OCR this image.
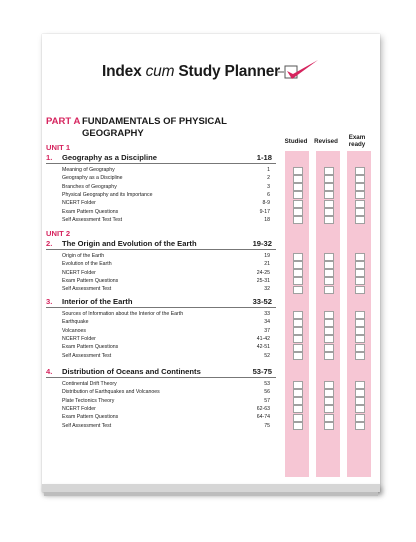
Index cum Study Planner
PART A FUNDAMENTALS OF PHYSICAL GEOGRAPHY
Studied Revised
Exam ready
UNIT 1
1. Geography as a Discipline	1-18
Meaning of Geography	1
Geography as a Discipline	2
Branches of Geography	3
Physical Geography and its Importance	6
NCERT Folder	8-9
Exam Pattern Questions	9-17
Self Assessment Test Test	18
UNIT 2
2. The Origin and Evolution of the Earth	19-32
Origin of the Earth	19
Evolution of the Earth	21
NCERT Folder	24-25
Exam Pattern Questions	25-31
Self Assessment Test	32
3. Interior of the Earth	33-52
Sources of Information about the Interior of the Earth	33
Earthquake	34
Volcanoes	37
NCERT Folder	41-42
Exam Pattern Questions	42-51
Self Assessment Test	52
4. Distribution of Oceans and Continents	53-75
Continental Drift Theory	53
Distribution of Earthquakes and Volcanoes	56
Plate Tectonics Theory	57
NCERT Folder	62-63
Exam Pattern Questions	64-74
Self Assessment Test	75
